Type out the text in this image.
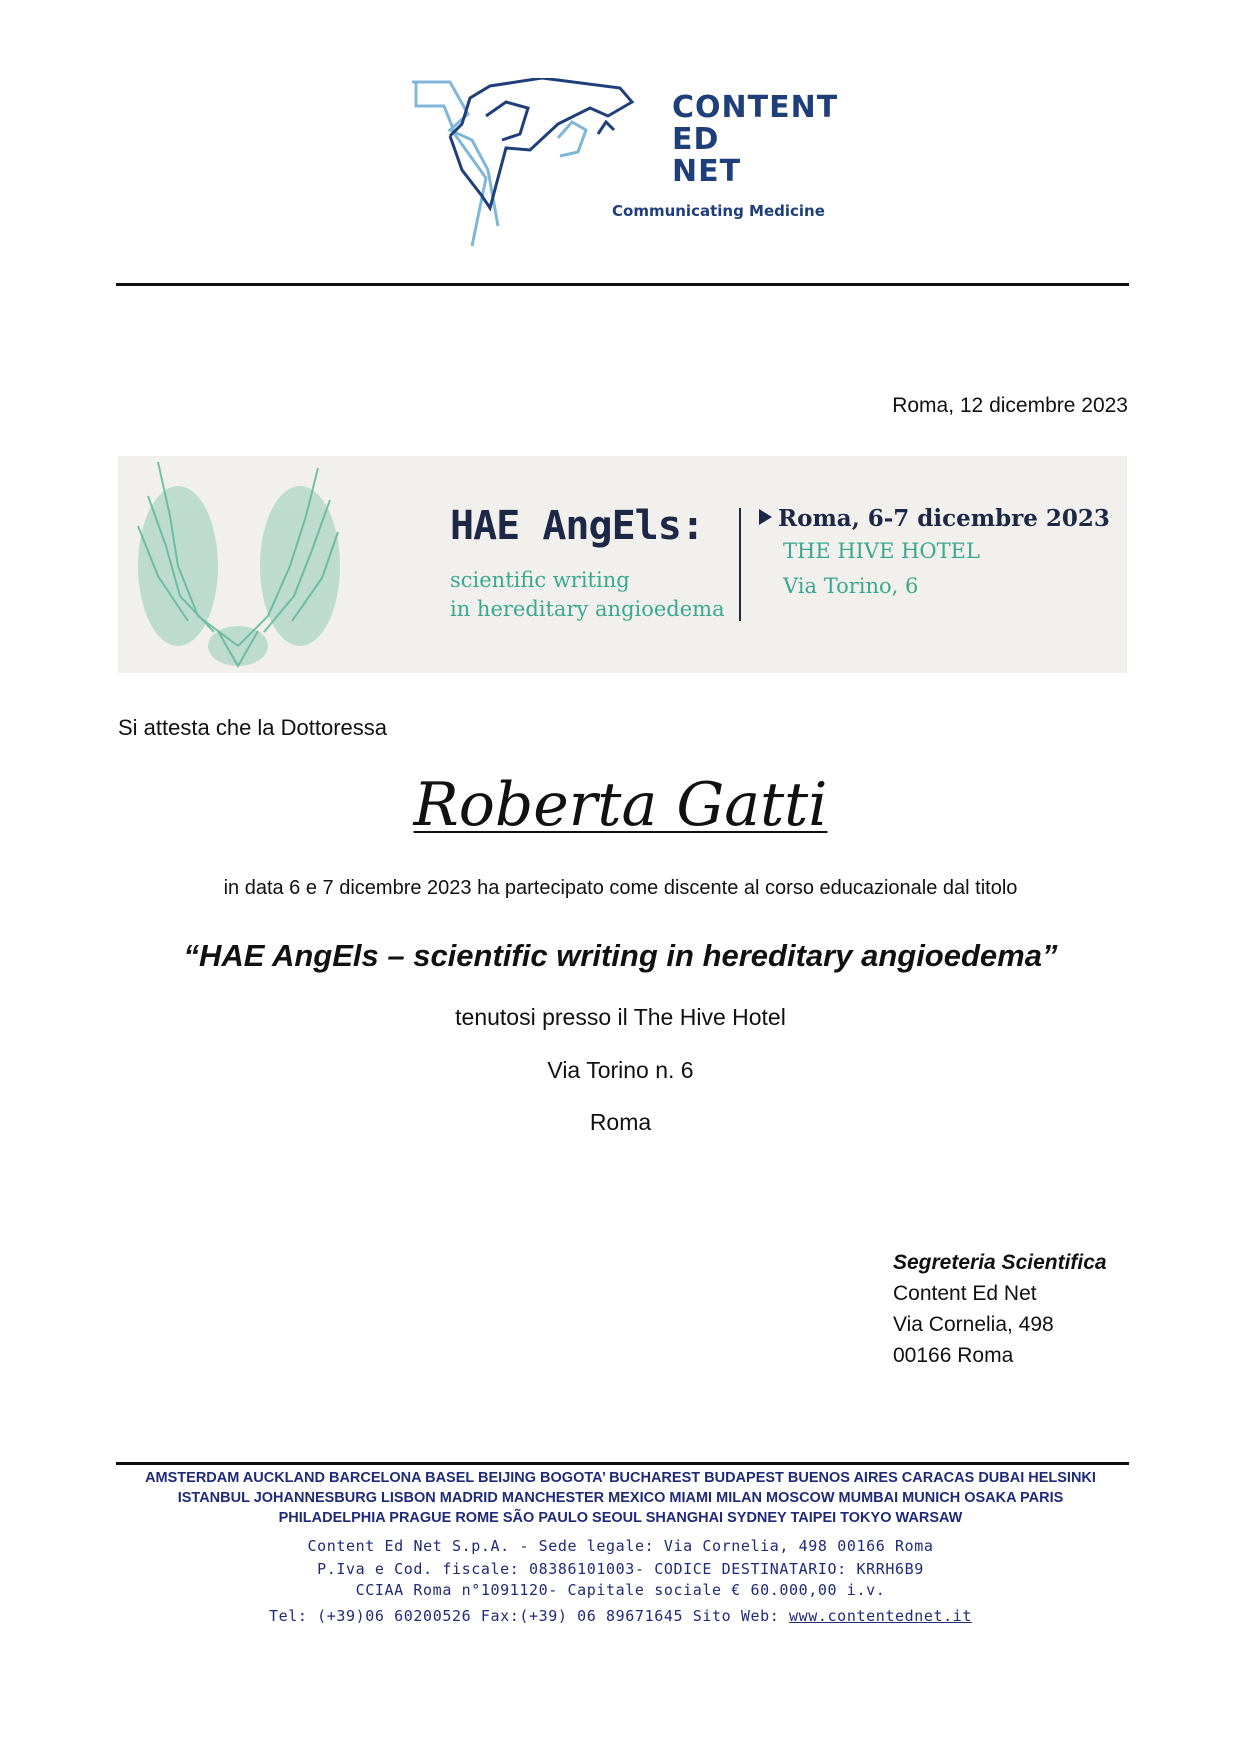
CONTENT
ED
NET
Communicating Medicine
Roma, 12 dicembre 2023
HAE AngEls:
scientific writing
in hereditary angioedema
Roma, 6-7 dicembre 2023
THE HIVE HOTEL
Via Torino, 6
Si attesta che la Dottoressa
Roberta Gatti
in data 6 e 7 dicembre 2023 ha partecipato come discente al corso educazionale dal titolo
“HAE AngEls – scientific writing in hereditary angioedema”
tenutosi presso il The Hive Hotel
Via Torino n. 6
Roma
Segreteria Scientifica
Content Ed Net
Via Cornelia, 498
00166 Roma
AMSTERDAM AUCKLAND BARCELONA BASEL BEIJING BOGOTA’ BUCHAREST BUDAPEST BUENOS AIRES CARACAS DUBAI HELSINKI
ISTANBUL JOHANNESBURG LISBON MADRID MANCHESTER MEXICO MIAMI MILAN MOSCOW MUMBAI MUNICH OSAKA PARIS
PHILADELPHIA PRAGUE ROME SÃO PAULO SEOUL SHANGHAI SYDNEY TAIPEI TOKYO WARSAW
Content Ed Net S.p.A. - Sede legale: Via Cornelia, 498 00166 Roma
P.Iva e Cod. fiscale: 08386101003- CODICE DESTINATARIO: KRRH6B9
CCIAA Roma n°1091120- Capitale sociale € 60.000,00 i.v.
Tel: (+39)06 60200526 Fax:(+39) 06 89671645 Sito Web: www.contentednet.it
